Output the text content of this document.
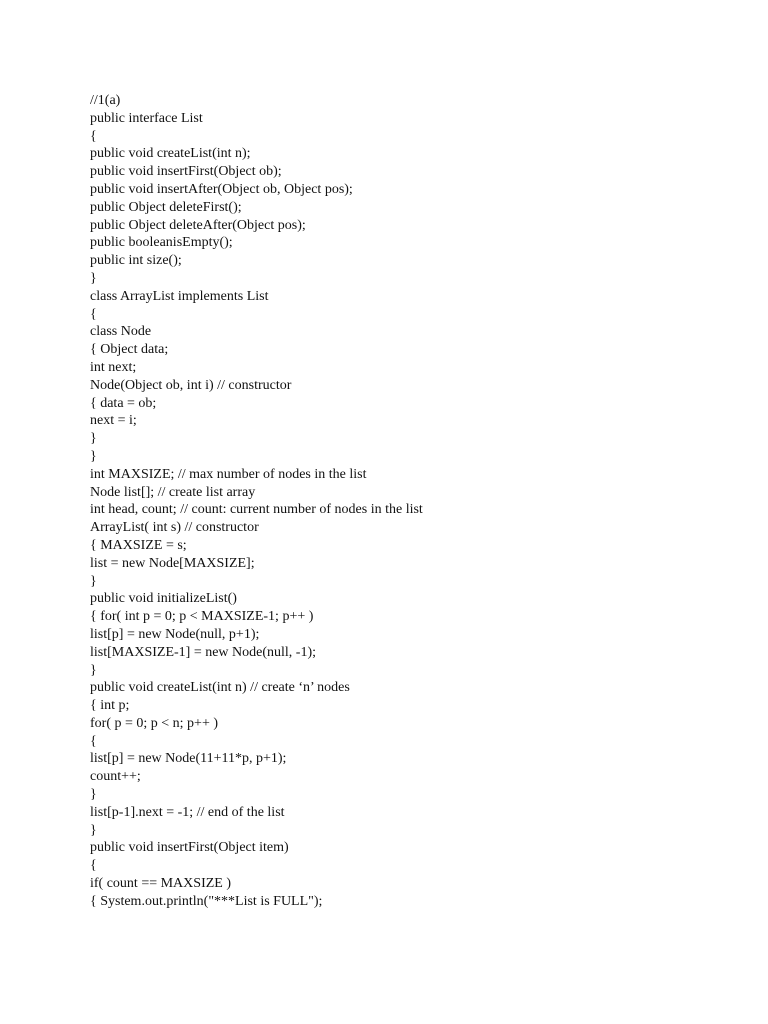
//1(a)
public interface List
{
public void createList(int n);
public void insertFirst(Object ob);
public void insertAfter(Object ob, Object pos);
public Object deleteFirst();
public Object deleteAfter(Object pos);
public booleanisEmpty();
public int size();
}
class ArrayList implements List
{
class Node
{ Object data;
int next;
Node(Object ob, int i) // constructor
{ data = ob;
next = i;
}
}
int MAXSIZE; // max number of nodes in the list
Node list[]; // create list array
int head, count; // count: current number of nodes in the list
ArrayList( int s) // constructor
{ MAXSIZE = s;
list = new Node[MAXSIZE];
}
public void initializeList()
{ for( int p = 0; p < MAXSIZE-1; p++ )
list[p] = new Node(null, p+1);
list[MAXSIZE-1] = new Node(null, -1);
}
public void createList(int n) // create ‘n’ nodes
{ int p;
for( p = 0; p < n; p++ )
{
list[p] = new Node(11+11*p, p+1);
count++;
}
list[p-1].next = -1; // end of the list
}
public void insertFirst(Object item)
{
if( count == MAXSIZE )
{ System.out.println("***List is FULL");
